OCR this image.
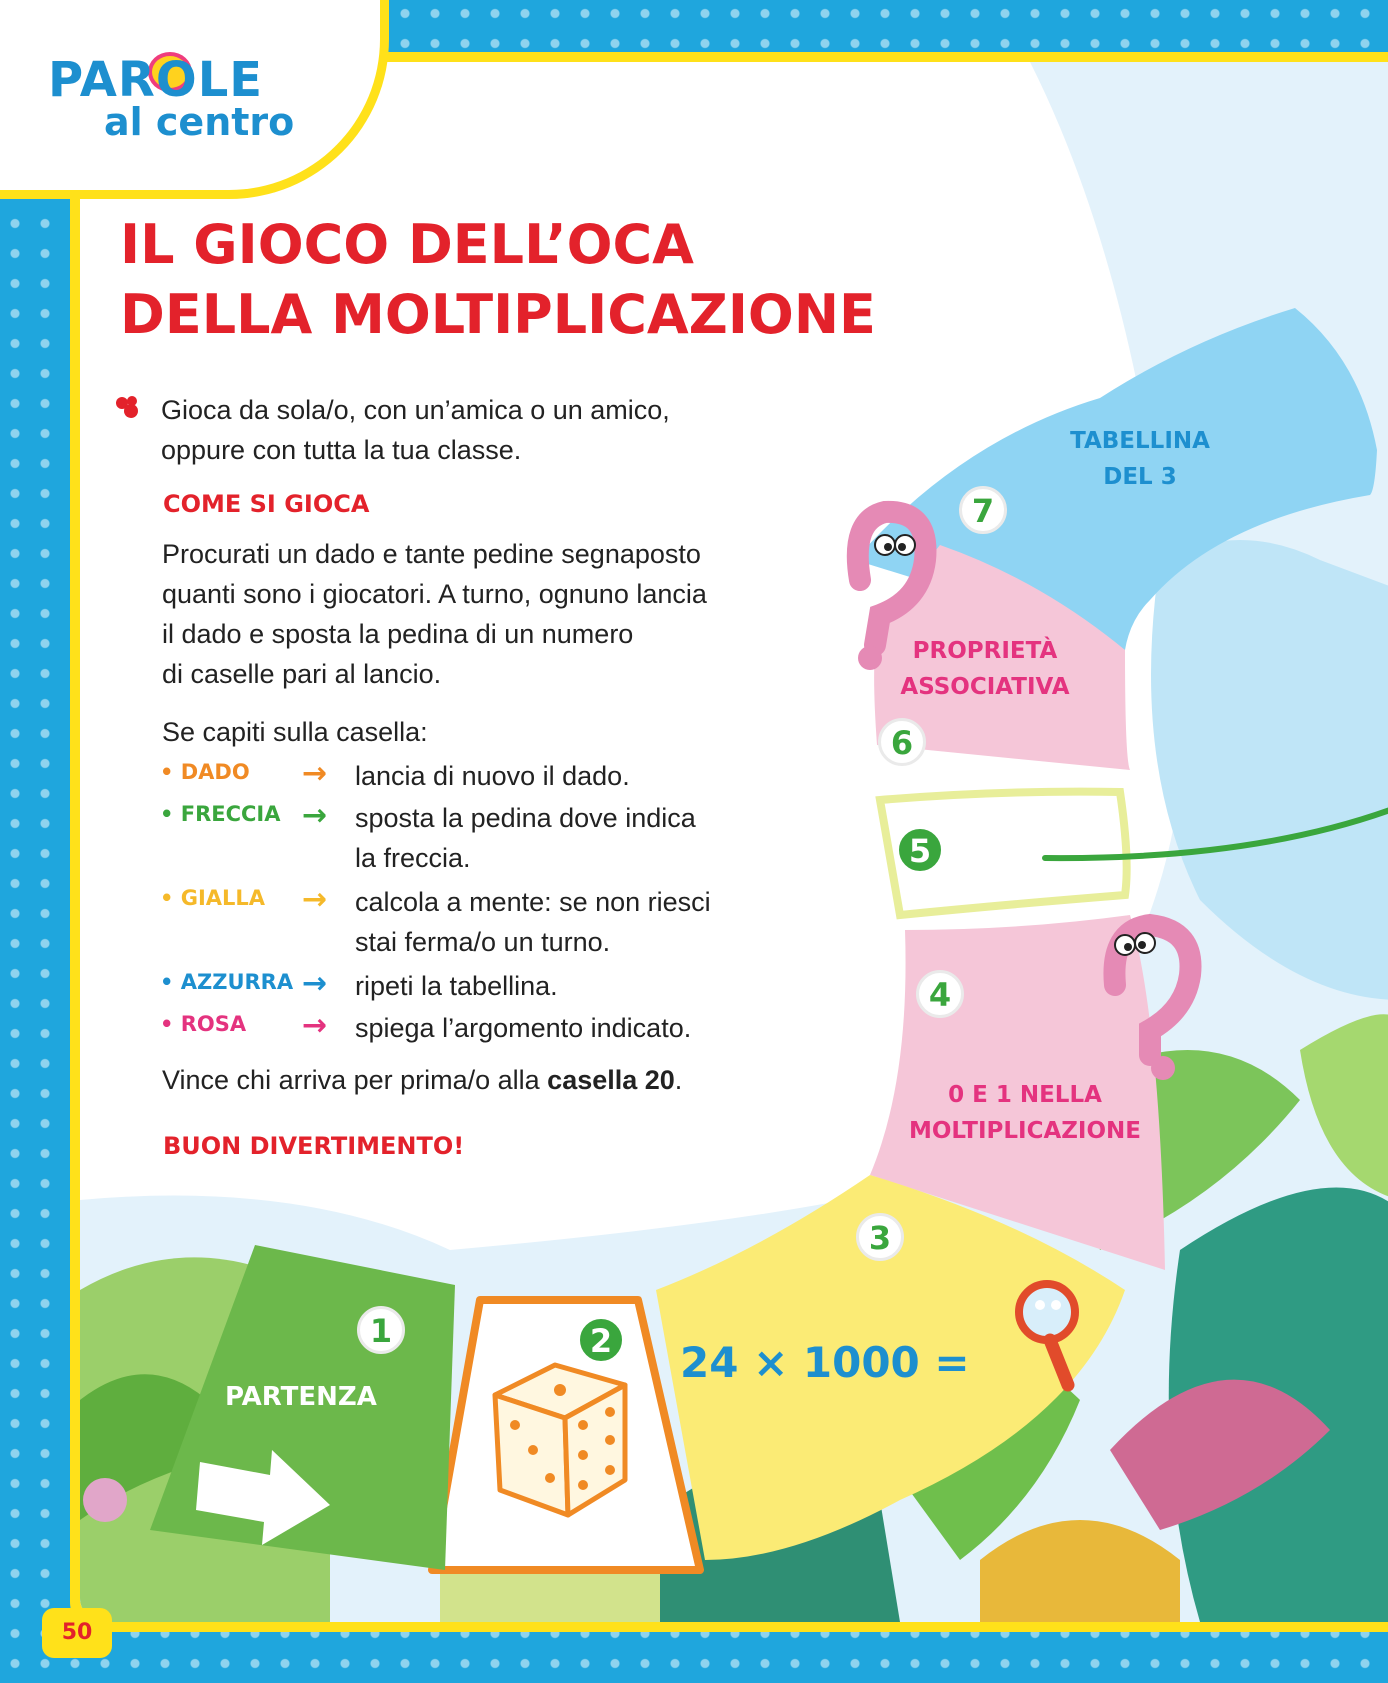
PAROLE
al centro
IL GIOCO DELL’OCA
DELLA MOLTIPLICAZIONE
Gioca da sola/o, con un’amica o un amico,
oppure con tutta la tua classe.
COME SI GIOCA
Procurati un dado e tante pedine segnaposto
quanti sono i giocatori. A turno, ognuno lancia
il dado e sposta la pedina di un numero
di caselle pari al lancio.
Se capiti sulla casella:
• DADO → lancia di nuovo il dado.
• FRECCIA → sposta la pedina dove indica
la freccia.
• GIALLA → calcola a mente: se non riesci
stai ferma/o un turno.
• AZZURRA → ripeti la tabellina.
• ROSA → spiega l’argomento indicato.
Vince chi arriva per prima/o alla casella 20.
BUON DIVERTIMENTO!
TABELLINA
DEL 3
PROPRIETÀ
ASSOCIATIVA
0 E 1 NELLA
MOLTIPLICAZIONE
24 × 1000 =
PARTENZA
1	2
3
4
5
6
7
50
